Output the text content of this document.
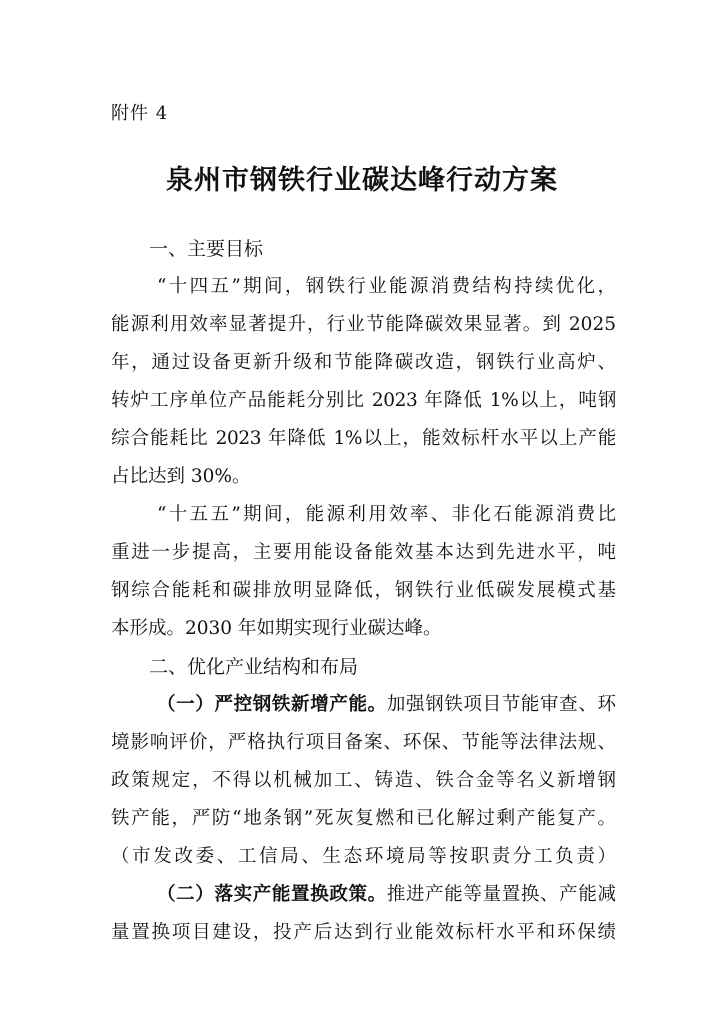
附件 4
泉州市钢铁行业碳达峰行动方案
一、主要目标
“十四五”期间，钢铁行业能源消费结构持续优化，
能源利用效率显著提升，行业节能降碳效果显著。到 2025
年，通过设备更新升级和节能降碳改造，钢铁行业高炉、
转炉工序单位产品能耗分别比 2023 年降低 1%以上，吨钢
综合能耗比 2023 年降低 1%以上，能效标杆水平以上产能
占比达到 30%。
“十五五”期间，能源利用效率、非化石能源消费比
重进一步提高，主要用能设备能效基本达到先进水平，吨
钢综合能耗和碳排放明显降低，钢铁行业低碳发展模式基
本形成。2030 年如期实现行业碳达峰。
二、优化产业结构和布局
（一）严控钢铁新增产能。加强钢铁项目节能审查、环
境影响评价，严格执行项目备案、环保、节能等法律法规、
政策规定，不得以机械加工、铸造、铁合金等名义新增钢
铁产能，严防“地条钢”死灰复燃和已化解过剩产能复产。
（市发改委、工信局、生态环境局等按职责分工负责）
（二）落实产能置换政策。推进产能等量置换、产能减
量置换项目建设，投产后达到行业能效标杆水平和环保绩
